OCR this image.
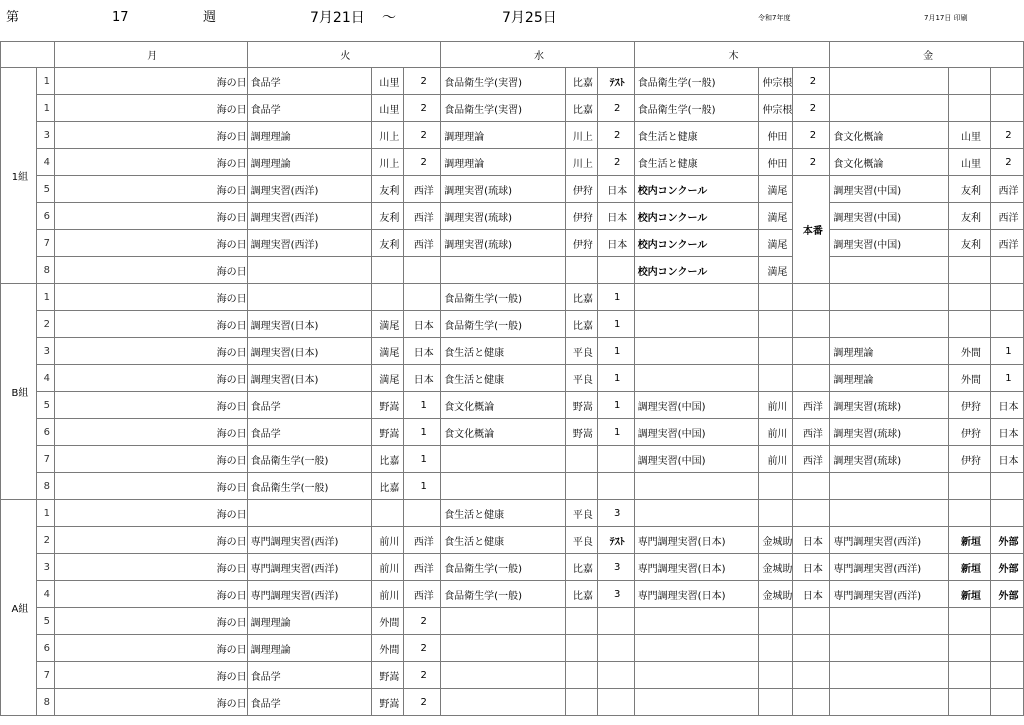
第	17	週	7月21日 ～	7月25日	令和7年度	7月17日 印刷
		月	火			水			木			金		
1組	1	海の日	食品学	山里	2	食品衛生学(実習)	比嘉	ﾃｽﾄ	食品衛生学(一般)	仲宗根	2			
	1	海の日	食品学	山里	2	食品衛生学(実習)	比嘉	2	食品衛生学(一般)	仲宗根	2			
	3	海の日	調理理論	川上	2	調理理論	川上	2	食生活と健康	仲田	2	食文化概論	山里	2
	4	海の日	調理理論	川上	2	調理理論	川上	2	食生活と健康	仲田	2	食文化概論	山里	2
	5	海の日	調理実習(西洋)	友利	西洋	調理実習(琉球)	伊狩	日本	校内コンクール	満尾	本番	調理実習(中国)	友利	西洋
	6	海の日	調理実習(西洋)	友利	西洋	調理実習(琉球)	伊狩	日本	校内コンクール	満尾		調理実習(中国)	友利	西洋
	7	海の日	調理実習(西洋)	友利	西洋	調理実習(琉球)	伊狩	日本	校内コンクール	満尾		調理実習(中国)	友利	西洋
	8	海の日							校内コンクール	満尾				
B組	1	海の日				食品衛生学(一般)	比嘉	1						
	2	海の日	調理実習(日本)	満尾	日本	食品衛生学(一般)	比嘉	1						
	3	海の日	調理実習(日本)	満尾	日本	食生活と健康	平良	1				調理理論	外間	1
	4	海の日	調理実習(日本)	満尾	日本	食生活と健康	平良	1				調理理論	外間	1
	5	海の日	食品学	野嵩	1	食文化概論	野嵩	1	調理実習(中国)	前川	西洋	調理実習(琉球)	伊狩	日本
	6	海の日	食品学	野嵩	1	食文化概論	野嵩	1	調理実習(中国)	前川	西洋	調理実習(琉球)	伊狩	日本
	7	海の日	食品衛生学(一般)	比嘉	1				調理実習(中国)	前川	西洋	調理実習(琉球)	伊狩	日本
	8	海の日	食品衛生学(一般)	比嘉	1									
A組	1	海の日				食生活と健康	平良	3						
	2	海の日	専門調理実習(西洋)	前川	西洋	食生活と健康	平良	ﾃｽﾄ	専門調理実習(日本)	金城助	日本	専門調理実習(西洋)	新垣	外部
	3	海の日	専門調理実習(西洋)	前川	西洋	食品衛生学(一般)	比嘉	3	専門調理実習(日本)	金城助	日本	専門調理実習(西洋)	新垣	外部
	4	海の日	専門調理実習(西洋)	前川	西洋	食品衛生学(一般)	比嘉	3	専門調理実習(日本)	金城助	日本	専門調理実習(西洋)	新垣	外部
	5	海の日	調理理論	外間	2									
	6	海の日	調理理論	外間	2									
	7	海の日	食品学	野嵩	2									
	8	海の日	食品学	野嵩	2									
